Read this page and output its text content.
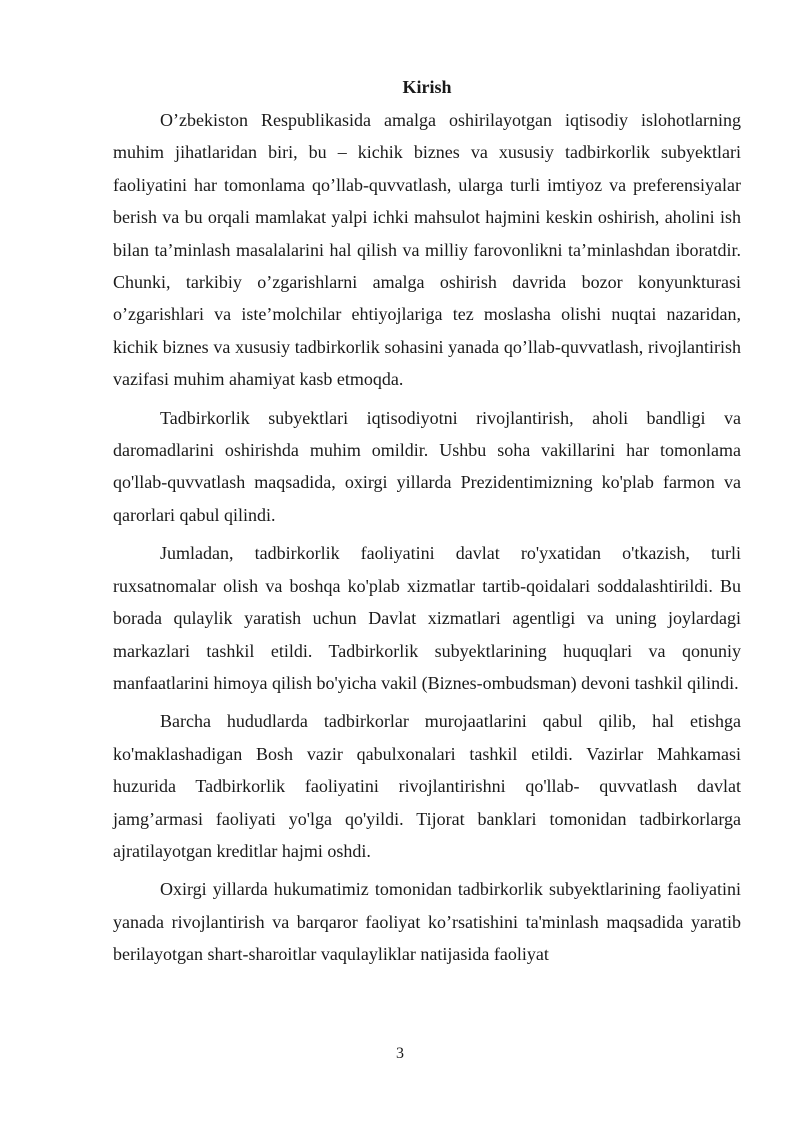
Kirish

O’zbekiston Respublikasida amalga oshirilayotgan iqtisodiy islohotlarning muhim jihatlaridan biri, bu – kichik biznes va xususiy tadbirkorlik subyektlari faoliyatini har tomonlama qo’llab-quvvatlash, ularga turli imtiyoz va preferensiyalar berish va bu orqali mamlakat yalpi ichki mahsulot hajmini keskin oshirish, aholini ish bilan ta’minlash masalalarini hal qilish va milliy farovonlikni ta’minlashdan iboratdir. Chunki, tarkibiy o’zgarishlarni amalga oshirish davrida bozor konyunkturasi o’zgarishlari va iste’molchilar ehtiyojlariga tez moslasha olishi nuqtai nazaridan, kichik biznes va xususiy tadbirkorlik sohasini yanada qo’llab-quvvatlash, rivojlantirish vazifasi muhim ahamiyat kasb etmoqda.

Tadbirkorlik subyektlari iqtisodiyotni rivojlantirish, aholi bandligi va daromadlarini oshirishda muhim omildir. Ushbu soha vakillarini har tomonlama qo'llab-quvvatlash maqsadida, oxirgi yillarda Prezidentimizning ko'plab farmon va qarorlari qabul qilindi.

Jumladan, tadbirkorlik faoliyatini davlat ro'yxatidan o'tkazish, turli ruxsatnomalar olish va boshqa ko'plab xizmatlar tartib-qoidalari soddalashtirildi. Bu borada qulaylik yaratish uchun Davlat xizmatlari agentligi va uning joylardagi markazlari tashkil etildi. Tadbirkorlik subyektlarining huquqlari va qonuniy manfaatlarini himoya qilish bo'yicha vakil (Biznes-ombudsman) devoni tashkil qilindi.

Barcha hududlarda tadbirkorlar murojaatlarini qabul qilib, hal etishga ko'maklashadigan Bosh vazir qabulxonalari tashkil etildi. Vazirlar Mahkamasi huzurida Tadbirkorlik faoliyatini rivojlantirishni qo'llab- quvvatlash davlat jamg’armasi faoliyati yo'lga qo'yildi. Tijorat banklari tomonidan tadbirkorlarga ajratilayotgan kreditlar hajmi oshdi.

Oxirgi yillarda hukumatimiz tomonidan tadbirkorlik subyektlarining faoliyatini yanada rivojlantirish va barqaror faoliyat ko’rsatishini ta'minlash maqsadida yaratib berilayotgan shart-sharoitlar vaqulayliklar natijasida faoliyat

3
